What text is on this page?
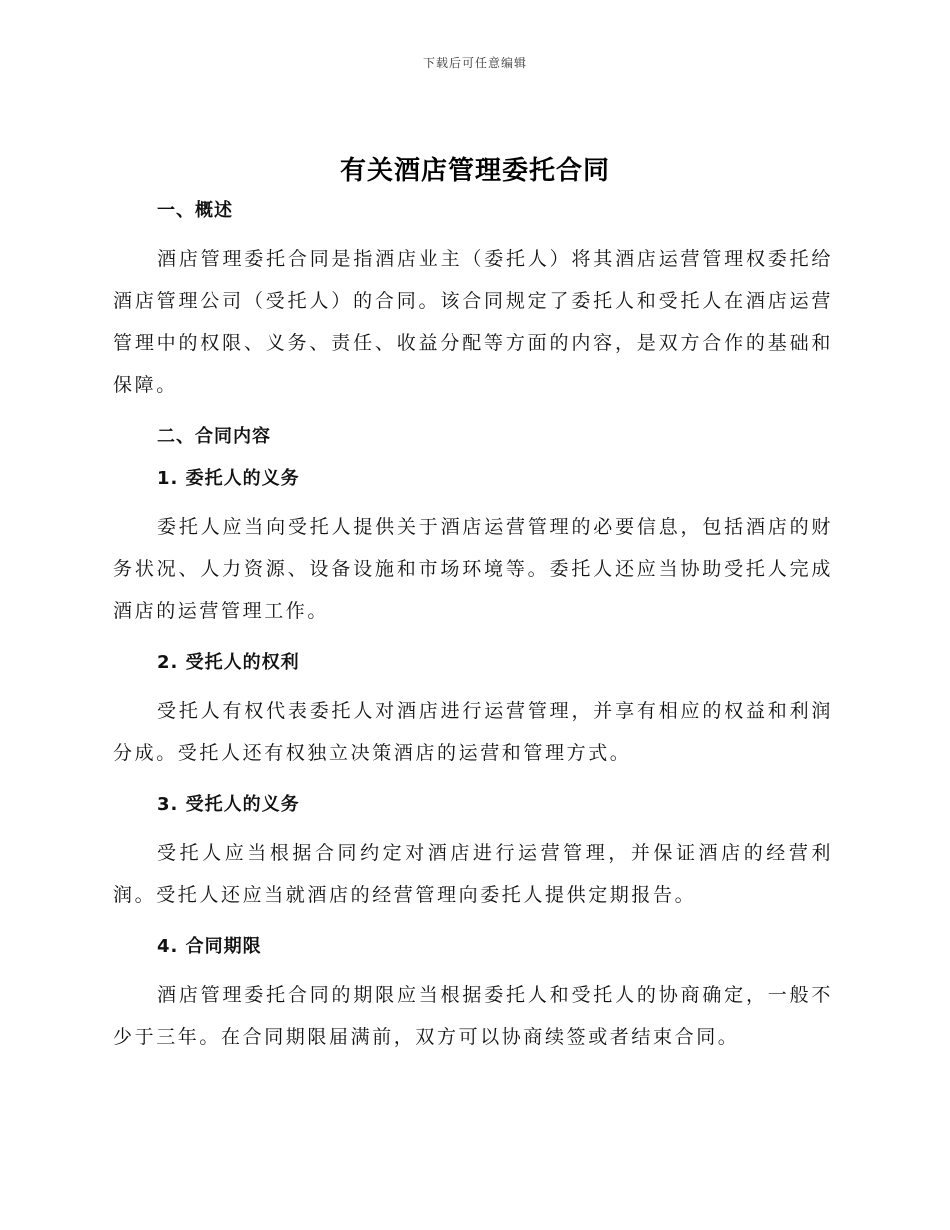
下载后可任意编辑
有关酒店管理委托合同
一、概述

酒店管理委托合同是指酒店业主（委托人）将其酒店运营管理权委托给酒店管理公司（受托人）的合同。该合同规定了委托人和受托人在酒店运营管理中的权限、义务、责任、收益分配等方面的内容，是双方合作的基础和保障。

二、合同内容
1. 委托人的义务

委托人应当向受托人提供关于酒店运营管理的必要信息，包括酒店的财务状况、人力资源、设备设施和市场环境等。委托人还应当协助受托人完成酒店的运营管理工作。

2. 受托人的权利

受托人有权代表委托人对酒店进行运营管理，并享有相应的权益和利润分成。受托人还有权独立决策酒店的运营和管理方式。

3. 受托人的义务

受托人应当根据合同约定对酒店进行运营管理，并保证酒店的经营利润。受托人还应当就酒店的经营管理向委托人提供定期报告。

4. 合同期限

酒店管理委托合同的期限应当根据委托人和受托人的协商确定，一般不少于三年。在合同期限届满前，双方可以协商续签或者结束合同。
